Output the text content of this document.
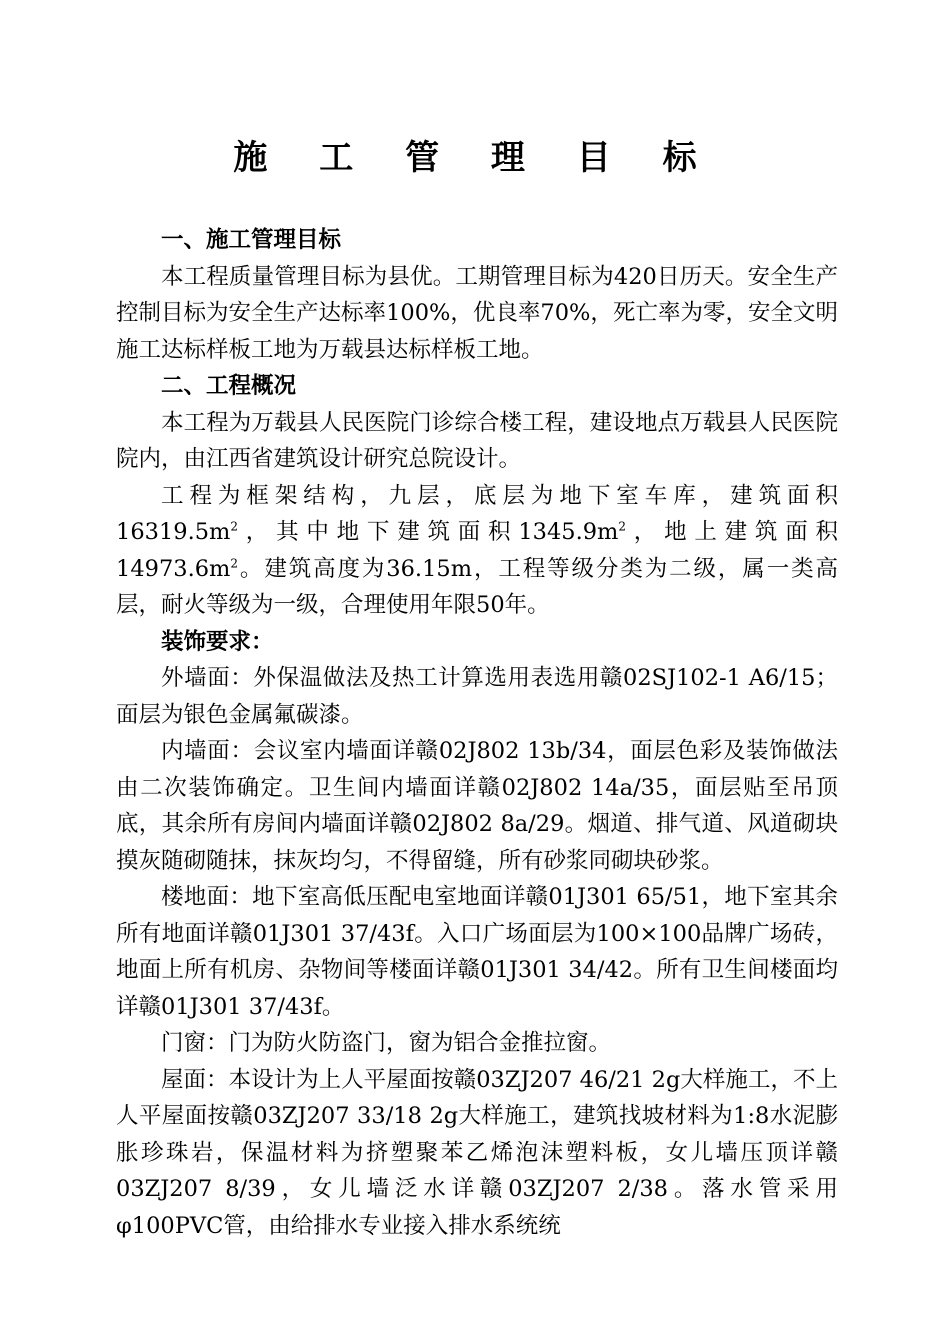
施 工 管 理 目 标

一、施工管理目标

本工程质量管理目标为县优。工期管理目标为420日历天。安全生产控制目标为安全生产达标率100%，优良率70%，死亡率为零，安全文明施工达标样板工地为万载县达标样板工地。

二、工程概况

本工程为万载县人民医院门诊综合楼工程，建设地点万载县人民医院院内，由江西省建筑设计研究总院设计。

工程为框架结构，九层，底层为地下室车库，建筑面积$16319.5m^2$，其中地下建筑面积$1345.9m^2$，地上建筑面积$14973.6m^2$。建筑高度为36.15m，工程等级分类为二级，属一类高层，耐火等级为一级，合理使用年限50年。

装饰要求：

外墙面：外保温做法及热工计算选用表选用赣02SJ102-1 A6/15；面层为银色金属氟碳漆。

内墙面：会议室内墙面详赣02J802 13b/34，面层色彩及装饰做法由二次装饰确定。卫生间内墙面详赣02J802 14a/35，面层贴至吊顶底，其余所有房间内墙面详赣02J802 8a/29。烟道、排气道、风道砌块摸灰随砌随抹，抹灰均匀，不得留缝，所有砂浆同砌块砂浆。

楼地面：地下室高低压配电室地面详赣01J301 65/51，地下室其余所有地面详赣01J301 37/43f。入口广场面层为100×100品牌广场砖，地面上所有机房、杂物间等楼面详赣01J301 34/42。所有卫生间楼面均详赣01J301 37/43f。

门窗：门为防火防盗门，窗为铝合金推拉窗。

屋面：本设计为上人平屋面按赣03ZJ207 46/21 2g大样施工，不上人平屋面按赣03ZJ207 33/18 2g大样施工，建筑找坡材料为1:8水泥膨胀珍珠岩，保温材料为挤塑聚苯乙烯泡沫塑料板，女儿墙压顶详赣03ZJ207 8/39，女儿墙泛水详赣03ZJ207 2/38。落水管采用φ100PVC管，由给排水专业接入排水系统统
